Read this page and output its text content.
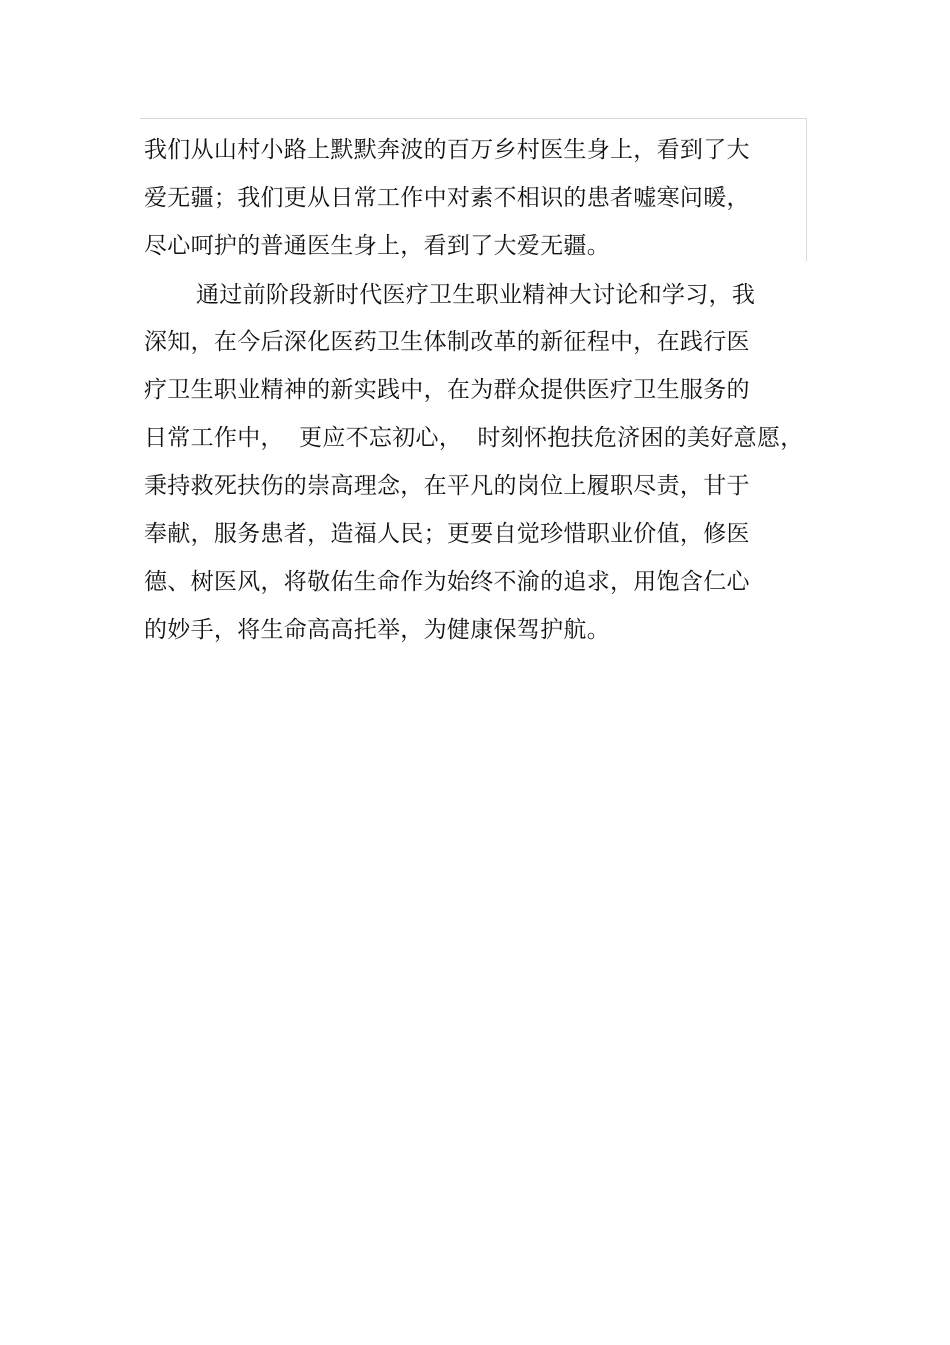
我们从山村小路上默默奔波的百万乡村医生身上，看到了大
爱无疆；我们更从日常工作中对素不相识的患者嘘寒问暖，
尽心呵护的普通医生身上，看到了大爱无疆。
通过前阶段新时代医疗卫生职业精神大讨论和学习，我
深知，在今后深化医药卫生体制改革的新征程中，在践行医
疗卫生职业精神的新实践中，在为群众提供医疗卫生服务的
日常工作中，  更应不忘初心，  时刻怀抱扶危济困的美好意愿，
秉持救死扶伤的崇高理念，在平凡的岗位上履职尽责，甘于
奉献，服务患者，造福人民；更要自觉珍惜职业价值，修医
德、树医风，将敬佑生命作为始终不渝的追求，用饱含仁心
的妙手，将生命高高托举，为健康保驾护航。
